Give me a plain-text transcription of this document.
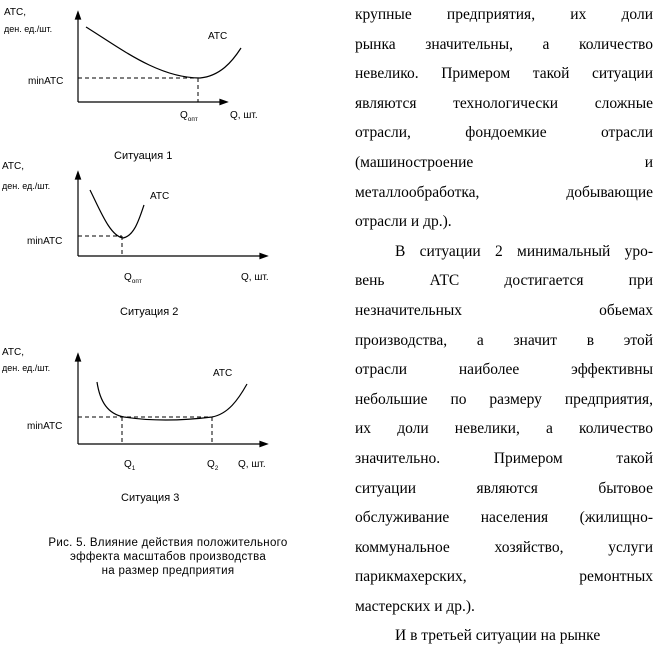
ATC,
ден. ед./шт.
minATC
ATC
$Q_{опт}$	Q, шт.
Ситуация 1
ATC,
ден. ед./шт.
minATC
ATC
$Q_{опт}$	Q, шт.
Ситуация 2
ATC,
ден. ед./шт.
minATC
ATC
$Q_1$	$Q_2$ Q, шт.
Ситуация 3
Рис. 5. Влияние действия положительного
эффекта масштабов производства
на размер предприятия
крупные предприятия, их доли
рынка значительны, а количество
невелико. Примером такой ситуации
являются технологически сложные
отрасли, фондоемкие отрасли
(машиностроение и
металлообработка, добывающие
отрасли и др.).
В ситуации 2 минимальный уро-
вень АТС достигается при
незначительных обьемах
производства, а значит в этой
отрасли наиболее эффективны
небольшие по размеру предприятия,
их доли невелики, а количество
значительно. Примером такой
ситуации являются бытовое
обслуживание населения (жилищно-
коммунальное хозяйство, услуги
парикмахерских, ремонтных
мастерских и др.).
И в третьей ситуации на рынке
